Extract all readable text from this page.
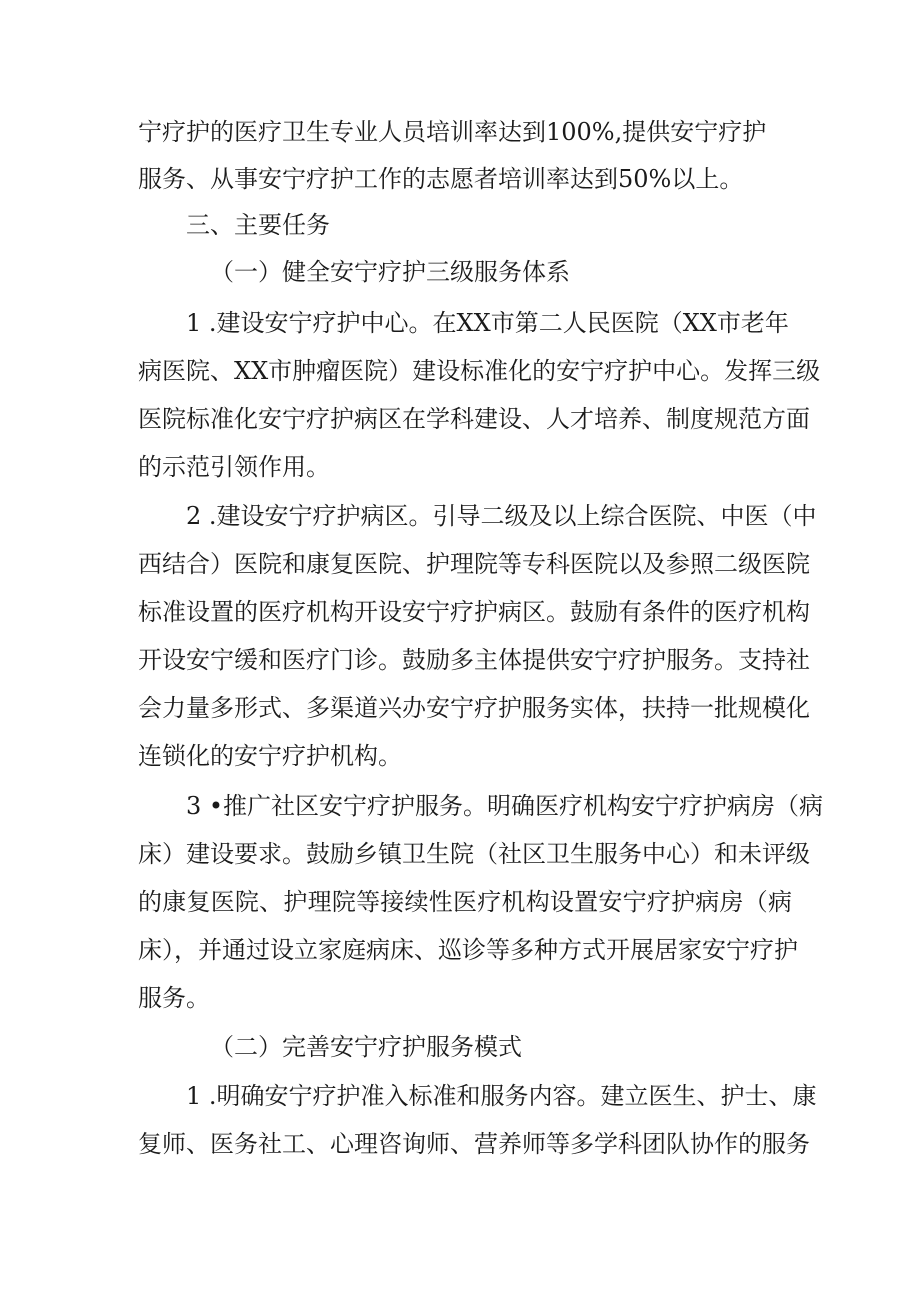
宁疗护的医疗卫生专业人员培训率达到100%,提供安宁疗护
服务、从事安宁疗护工作的志愿者培训率达到50%以上。
三、主要任务
（一）健全安宁疗护三级服务体系
1 .建设安宁疗护中心。在XX市第二人民医院（XX市老年
病医院、XX市肿瘤医院）建设标准化的安宁疗护中心。发挥三级
医院标准化安宁疗护病区在学科建设、人才培养、制度规范方面
的示范引领作用。
2 .建设安宁疗护病区。引导二级及以上综合医院、中医（中
西结合）医院和康复医院、护理院等专科医院以及参照二级医院
标准设置的医疗机构开设安宁疗护病区。鼓励有条件的医疗机构
开设安宁缓和医疗门诊。鼓励多主体提供安宁疗护服务。支持社
会力量多形式、多渠道兴办安宁疗护服务实体，扶持一批规模化
连锁化的安宁疗护机构。
3 •推广社区安宁疗护服务。明确医疗机构安宁疗护病房（病
床）建设要求。鼓励乡镇卫生院（社区卫生服务中心）和未评级
的康复医院、护理院等接续性医疗机构设置安宁疗护病房（病
床），并通过设立家庭病床、巡诊等多种方式开展居家安宁疗护
服务。
（二）完善安宁疗护服务模式
1 .明确安宁疗护准入标准和服务内容。建立医生、护士、康
复师、医务社工、心理咨询师、营养师等多学科团队协作的服务
